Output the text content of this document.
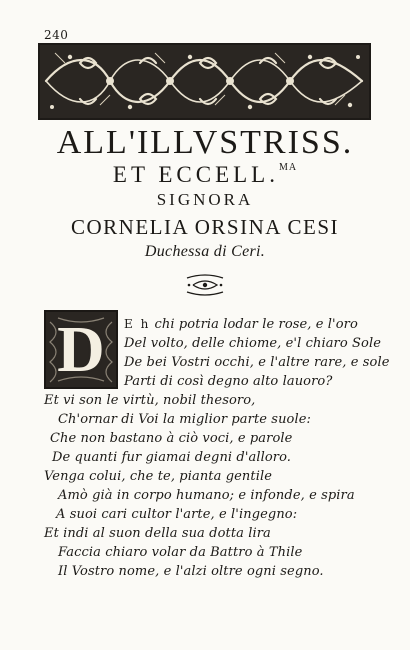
240
ALL'ILLVSTRISS.
ET ECCELL.$^{MA}$
SIGNORA
CORNELIA ORSINA CESI
Duchessa di Ceri.
D	E h chi potria lodar le rose, e l'oro
Del volto, delle chiome, e'l chiaro Sole
De bei Vostri occhi, e l'altre rare, e sole
Parti di così degno alto lauoro?
Et vi son le virtù, nobil thesoro,
Ch'ornar di Voi la miglior parte suole:
Che non bastano à ciò voci, e parole
De quanti fur giamai degni d'alloro.
Venga colui, che te, pianta gentile
Amò già in corpo humano; e infonde, e spira
A suoi cari cultor l'arte, e l'ingegno:
Et indi al suon della sua dotta lira
Faccia chiaro volar da Battro à Thile
Il Vostro nome, e l'alzi oltre ogni segno.
